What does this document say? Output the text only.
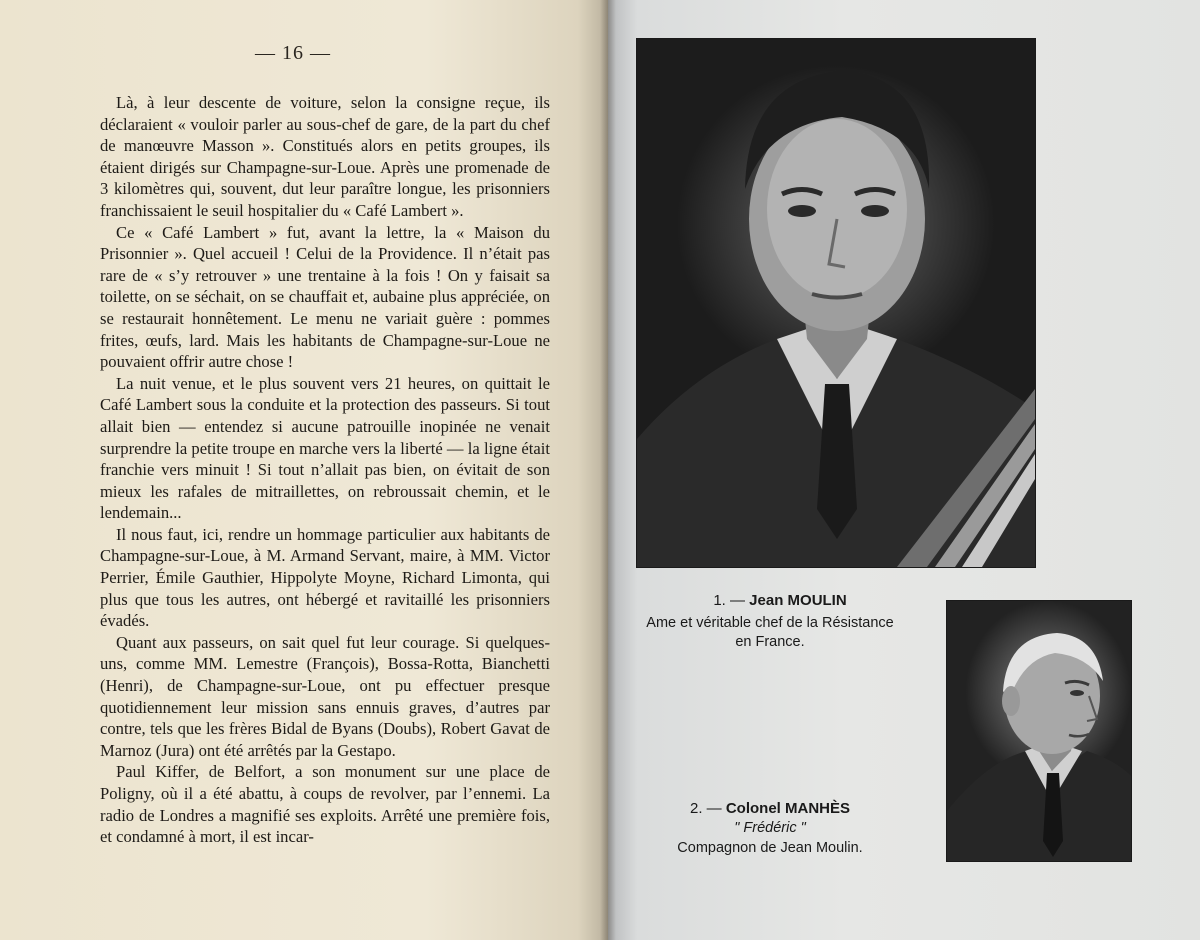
— 16 —

Là, à leur descente de voiture, selon la consigne reçue, ils déclaraient « vouloir parler au sous-chef de gare, de la part du chef de manœuvre Masson ». Constitués alors en petits groupes, ils étaient dirigés sur Champagne-sur-Loue. Après une promenade de 3 kilomètres qui, souvent, dut leur paraître longue, les prisonniers franchissaient le seuil hospitalier du « Café Lambert ».

Ce « Café Lambert » fut, avant la lettre, la « Maison du Prisonnier ». Quel accueil ! Celui de la Providence. Il n’était pas rare de « s’y retrouver » une trentaine à la fois ! On y faisait sa toilette, on se séchait, on se chauffait et, aubaine plus appréciée, on se restaurait honnêtement. Le menu ne variait guère : pommes frites, œufs, lard. Mais les habitants de Champagne-sur-Loue ne pouvaient offrir autre chose !

La nuit venue, et le plus souvent vers 21 heures, on quittait le Café Lambert sous la conduite et la protection des passeurs. Si tout allait bien — entendez si aucune patrouille inopinée ne venait surprendre la petite troupe en marche vers la liberté — la ligne était franchie vers minuit ! Si tout n’allait pas bien, on évitait de son mieux les rafales de mitraillettes, on rebroussait chemin, et le lendemain...

Il nous faut, ici, rendre un hommage particulier aux habitants de Champagne-sur-Loue, à M. Armand Servant, maire, à MM. Victor Perrier, Émile Gauthier, Hippolyte Moyne, Richard Limonta, qui plus que tous les autres, ont hébergé et ravitaillé les prisonniers évadés.

Quant aux passeurs, on sait quel fut leur courage. Si quelques-uns, comme MM. Lemestre (François), Bossa-Rotta, Bianchetti (Henri), de Champagne-sur-Loue, ont pu effectuer presque quotidiennement leur mission sans ennuis graves, d’autres par contre, tels que les frères Bidal de Byans (Doubs), Robert Gavat de Marnoz (Jura) ont été arrêtés par la Gestapo.

Paul Kiffer, de Belfort, a son monument sur une place de Poligny, où il a été abattu, à coups de revolver, par l’ennemi. La radio de Londres a magnifié ses exploits. Arrêté une première fois, et condamné à mort, il est incar-

1. — Jean MOULIN
Ame et véritable chef de la Résistance
en France.
2. — Colonel MANHÈS
" Frédéric "
Compagnon de Jean Moulin.
